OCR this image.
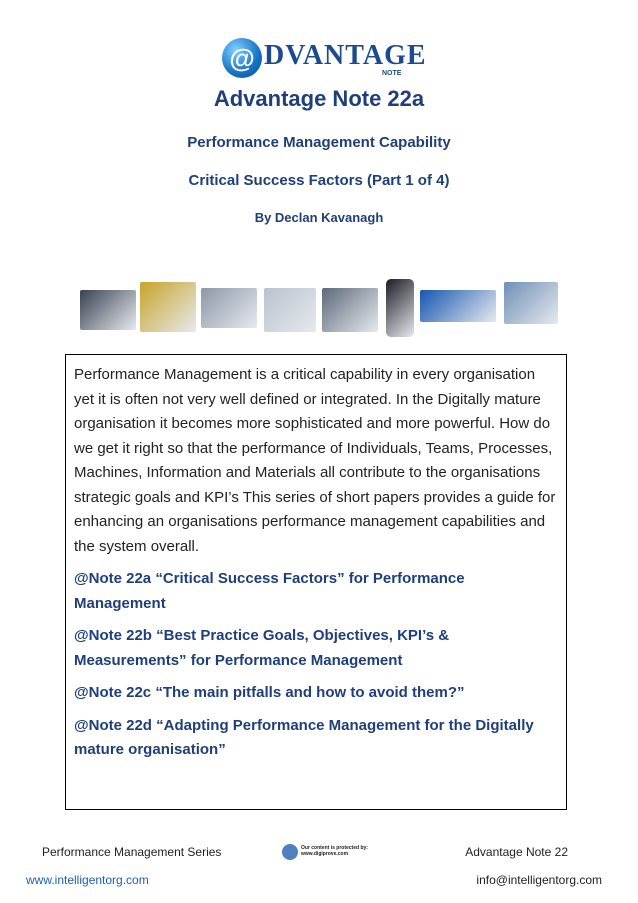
@ DVANTAGE
NOTE
Advantage Note 22a
Performance Management Capability
Critical Success Factors (Part 1 of 4)
By Declan Kavanagh

Performance Management is a critical capability in every organisation yet it is often not very well defined or integrated. In the Digitally mature organisation it becomes more sophisticated and more powerful. How do we get it right so that the performance of Individuals, Teams, Processes, Machines, Information and Materials all contribute to the organisations strategic goals and KPI’s This series of short papers provides a guide for enhancing an organisations performance management capabilities and the system overall.

@Note 22a “Critical Success Factors” for Performance Management

@Note 22b “Best Practice Goals, Objectives, KPI’s & Measurements” for Performance Management

@Note 22c “The main pitfalls and how to avoid them?”

@Note 22d “Adapting Performance Management for the Digitally mature organisation”

Performance Management Series	Our content is protected by:
www.digiprove.com	Advantage Note 22
www.intelligentorg.com	info@intelligentorg.com
